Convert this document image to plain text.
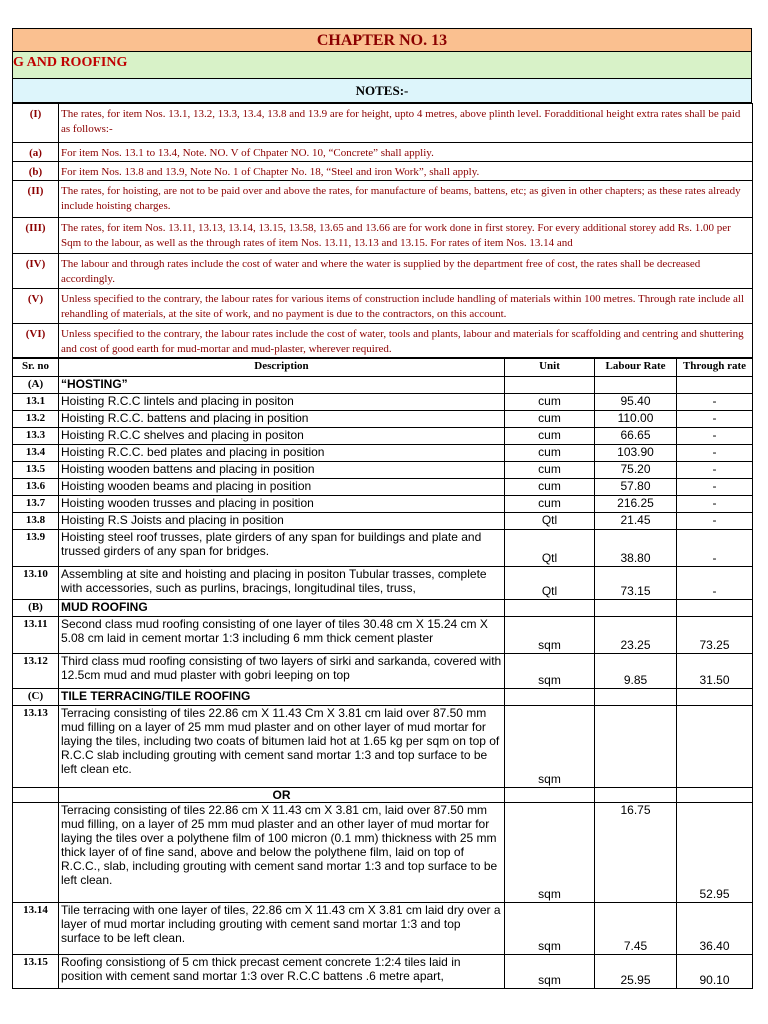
CHAPTER NO. 13
G AND ROOFING
NOTES:-
(I)	The rates, for item Nos. 13.1, 13.2, 13.3, 13.4, 13.8 and 13.9 are for height, upto 4 metres, above plinth level. Foradditional height extra rates shall be paid as follows:-
(a)	For item Nos. 13.1 to 13.4, Note. NO. V of Chpater NO. 10, “Concrete” shall appliy.
(b)	For item Nos. 13.8 and 13.9, Note No. 1 of Chapter No. 18, “Steel and iron Work”, shall apply.
(II)	The rates, for hoisting, are not to be paid over and above the rates, for manufacture of beams, battens, etc; as given in other chapters; as these rates already include hoisting charges.
(III)	The rates, for item Nos. 13.11, 13.13, 13.14, 13.15, 13.58, 13.65 and 13.66 are for work done in first storey. For every additional storey add Rs. 1.00 per Sqm to the labour, as well as the through rates of item Nos. 13.11, 13.13 and 13.15. For rates of item Nos. 13.14 and
(IV)	The labour and through rates include the cost of water and where the water is supplied by the department free of cost, the rates shall be decreased accordingly.
(V)	Unless specified to the contrary, the labour rates for various items of construction include handling of materials within 100 metres. Through rate include all rehandling of materials, at the site of work, and no payment is due to the contractors, on this account.
(VI)	Unless specified to the contrary, the labour rates include the cost of water, tools and plants, labour and materials for scaffolding and centring and shuttering and cost of good earth for mud-mortar and mud-plaster, wherever required.
Sr. no	Description	Unit	Labour Rate	Through rate
(A)	“HOSTING”			
13.1	Hoisting R.C.C lintels and placing in positon	cum	95.40	-
13.2	Hoisting R.C.C. battens and placing in position	cum	110.00	-
13.3	Hoisting R.C.C shelves and placing in positon	cum	66.65	-
13.4	Hoisting R.C.C. bed plates and placing in position	cum	103.90	-
13.5	Hoisting wooden battens and placing in position	cum	75.20	-
13.6	Hoisting wooden beams and placing in position	cum	57.80	-
13.7	Hoisting wooden trusses and placing in position	cum	216.25	-
13.8	Hoisting R.S Joists and placing in position	Qtl	21.45	-
13.9	Hoisting steel roof trusses, plate girders of any span for buildings and plate and trussed girders of any span for bridges.	Qtl	38.80	-
13.10	Assembling at site and hoisting and placing in positon Tubular trasses, complete with accessories, such as purlins, bracings, longitudinal tiles, truss,	Qtl	73.15	-
(B)	MUD ROOFING			
13.11	Second class mud roofing consisting of one layer of tiles 30.48 cm X 15.24 cm X 5.08 cm laid in cement mortar 1:3 including 6 mm thick cement plaster	sqm	23.25	73.25
13.12	Third class mud roofing consisting of two layers of sirki and sarkanda, covered with 12.5cm mud and mud plaster with gobri leeping on top	sqm	9.85	31.50
(C)	TILE TERRACING/TILE ROOFING			
13.13	Terracing consisting of tiles 22.86 cm X 11.43 Cm X 3.81 cm laid over 87.50 mm mud filling on a layer of 25 mm mud plaster and on other layer of mud mortar for laying the tiles, including two coats of bitumen laid hot at 1.65 kg per sqm on top of R.C.C slab including grouting with cement sand mortar 1:3 and top surface to be left clean etc.	sqm		
	OR			
	Terracing consisting of tiles 22.86 cm X 11.43 cm X 3.81 cm, laid over 87.50 mm mud filling, on a layer of 25 mm mud plaster and an other layer of mud mortar for laying the tiles over a polythene film of 100 micron (0.1 mm) thickness with 25 mm thick layer of of fine sand, above and below the polythene film, laid on top of R.C.C., slab, including grouting with cement sand mortar 1:3 and top surface to be left clean.	sqm	16.75	52.95
13.14	Tile terracing with one layer of tiles, 22.86 cm X 11.43 cm X 3.81 cm laid dry over a layer of mud mortar including grouting with cement sand mortar 1:3 and top surface to be left clean.	sqm	7.45	36.40
13.15	Roofing consistiong of 5 cm thick precast cement concrete 1:2:4 tiles laid in position with cement sand mortar 1:3 over R.C.C battens .6 metre apart,	sqm	25.95	90.10
